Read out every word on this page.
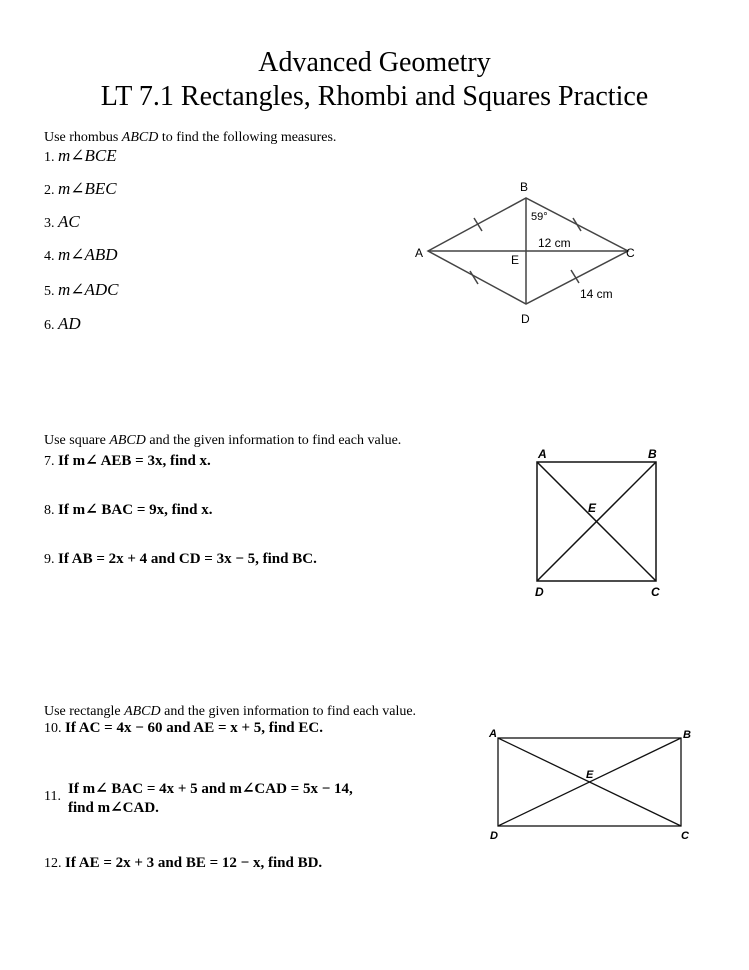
Advanced Geometry
LT 7.1 Rectangles, Rhombi and Squares Practice
Use rhombus ABCD to find the following measures.
1. m∠BCE
2. m∠BEC
3. AC
4. m∠ABD
5. m∠ADC
6. AD
B
A	C
D
E
59°
12 cm
14 cm
Use square ABCD and the given information to find each value.
7. If m∠ AEB = 3x, find x.
8. If m∠ BAC = 9x, find x.
9. If AB = 2x + 4 and CD = 3x − 5, find BC.
A	B
C
D
E
Use rectangle ABCD and the given information to find each value.
10. If AC = 4x − 60 and AE = x + 5, find EC.
11. If m∠ BAC = 4x + 5 and m∠CAD = 5x − 14,
find m∠CAD.
12. If AE = 2x + 3 and BE = 12 − x, find BD.
A	B
C
D
E
